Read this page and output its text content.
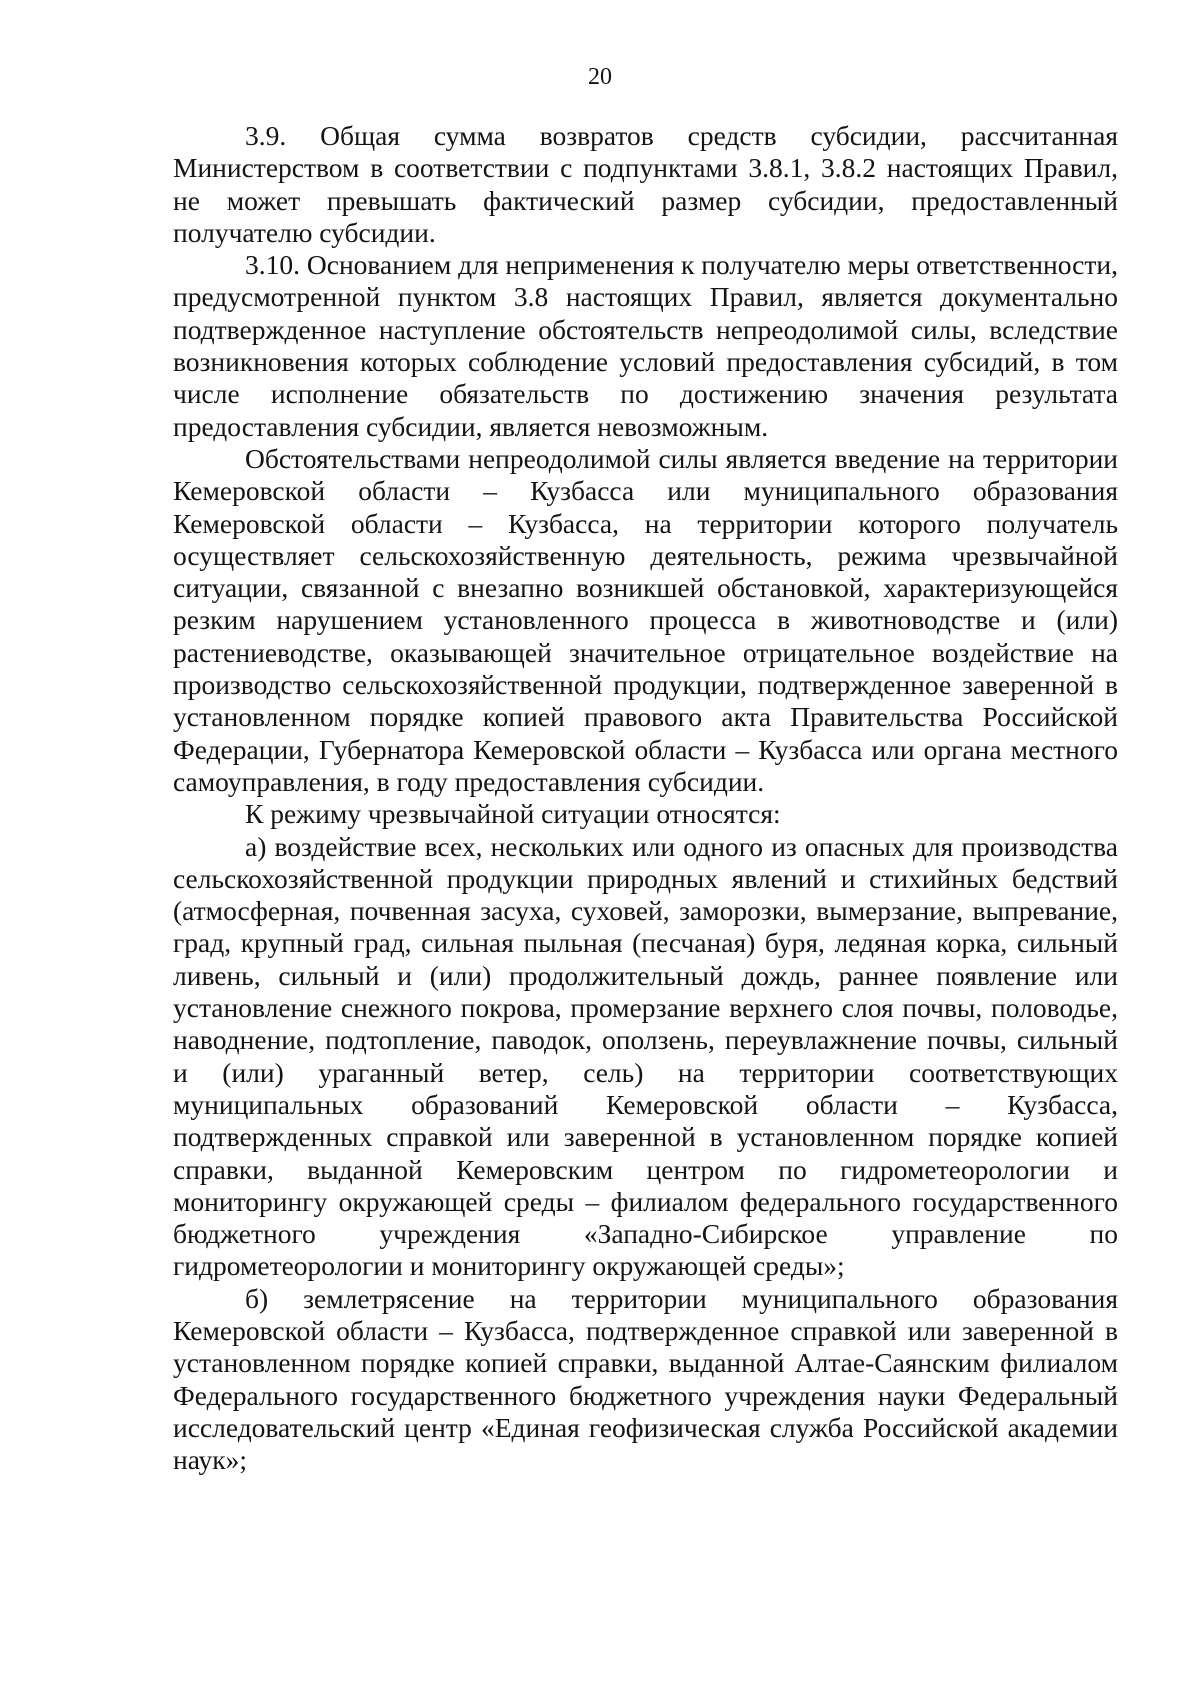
20

3.9. Общая сумма возвратов средств субсидии, рассчитанная Министерством в соответствии с подпунктами 3.8.1, 3.8.2 настоящих Правил, не может превышать фактический размер субсидии, предоставленный получателю субсидии.

3.10. Основанием для неприменения к получателю меры ответственности, предусмотренной пунктом 3.8 настоящих Правил, является документально подтвержденное наступление обстоятельств непреодолимой силы, вследствие возникновения которых соблюдение условий предоставления субсидий, в том числе исполнение обязательств по достижению значения результата предоставления субсидии, является невозможным.

Обстоятельствами непреодолимой силы является введение на территории Кемеровской области – Кузбасса или муниципального образования Кемеровской области – Кузбасса, на территории которого получатель осуществляет сельскохозяйственную деятельность, режима чрезвычайной ситуации, связанной с внезапно возникшей обстановкой, характеризующейся резким нарушением установленного процесса в животноводстве и (или) растениеводстве, оказывающей значительное отрицательное воздействие на производство сельскохозяйственной продукции, подтвержденное заверенной в установленном порядке копией правового акта Правительства Российской Федерации, Губернатора Кемеровской области – Кузбасса или органа местного самоуправления, в году предоставления субсидии.

К режиму чрезвычайной ситуации относятся:

а) воздействие всех, нескольких или одного из опасных для производства сельскохозяйственной продукции природных явлений и стихийных бедствий (атмосферная, почвенная засуха, суховей, заморозки, вымерзание, выпревание, град, крупный град, сильная пыльная (песчаная) буря, ледяная корка, сильный ливень, сильный и (или) продолжительный дождь, раннее появление или установление снежного покрова, промерзание верхнего слоя почвы, половодье, наводнение, подтопление, паводок, оползень, переувлажнение почвы, сильный и (или) ураганный ветер, сель) на территории соответствующих муниципальных образований Кемеровской области – Кузбасса, подтвержденных справкой или заверенной в установленном порядке копией справки, выданной Кемеровским центром по гидрометеорологии и мониторингу окружающей среды – филиалом федерального государственного бюджетного учреждения «Западно-Сибирское управление по гидрометеорологии и мониторингу окружающей среды»;

б) землетрясение на территории муниципального образования Кемеровской области – Кузбасса, подтвержденное справкой или заверенной в установленном порядке копией справки, выданной Алтае-Саянским филиалом Федерального государственного бюджетного учреждения науки Федеральный исследовательский центр «Единая геофизическая служба Российской академии наук»;
